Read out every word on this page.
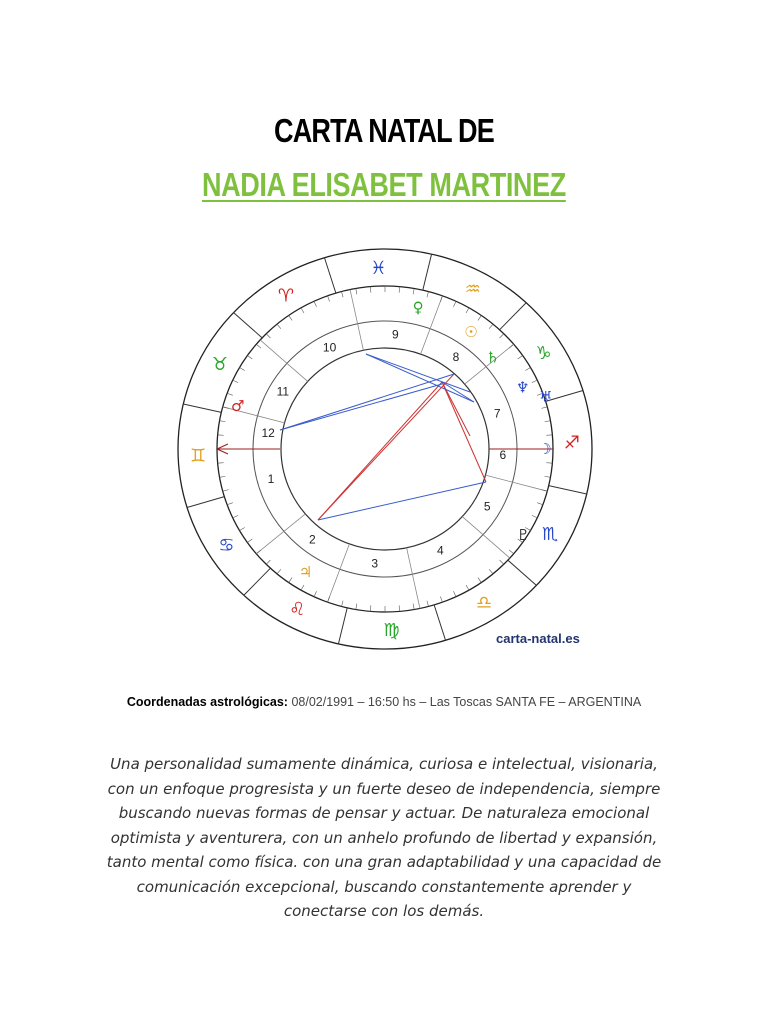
CARTA NATAL DE
NADIA ELISABET MARTINEZ
♓
♒
♑
♐
♏
♎
♍
♌
♋
♊
♉
♈
1
2
3
4
5
6
7
8
9
10
11
12
♀
☉
♄
♆
♅
☽
♇
♂
♃
carta-natal.es
Coordenadas astrológicas: 08/02/1991 – 16:50 hs – Las Toscas SANTA FE – ARGENTINA
Una personalidad sumamente dinámica, curiosa e intelectual, visionaria, con un enfoque progresista y un fuerte deseo de independencia, siempre buscando nuevas formas de pensar y actuar. De naturaleza emocional optimista y aventurera, con un anhelo profundo de libertad y expansión, tanto mental como física. con una gran adaptabilidad y una capacidad de comunicación excepcional, buscando constantemente aprender y conectarse con los demás.
